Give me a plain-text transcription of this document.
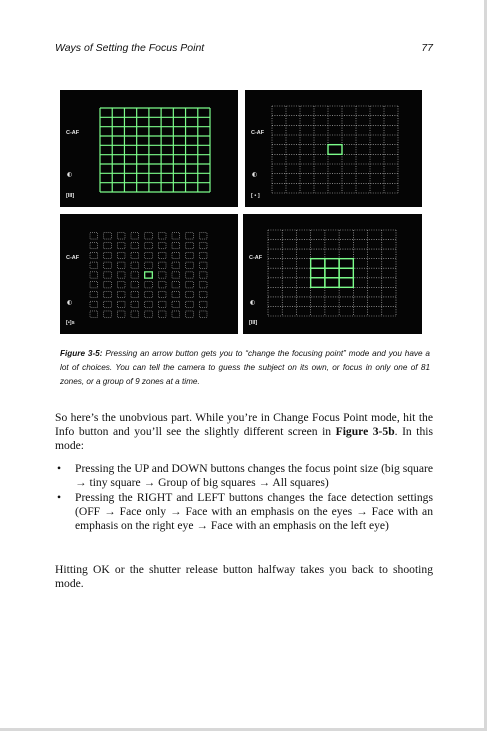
Ways of Setting the Focus Point	77
C-AF
◐
[III]
C-AF
◐
[ • ]
C-AF
◐
[•]s
C-AF
◐
[III]
Figure 3-5: Pressing an arrow button gets you to “change the focusing point” mode and you have a lot of choices. You can tell the camera to guess the subject on its own, or focus in only one of 81 zones, or a group of 9 zones at a time.
So here’s the unobvious part. While you’re in Change Focus Point mode, hit the Info button and you’ll see the slightly different screen in Figure 3-5b. In this mode:
• Pressing the UP and DOWN buttons changes the focus point size (big square → tiny square → Group of big squares → All squares)
• Pressing the RIGHT and LEFT buttons changes the face detection settings (OFF → Face only → Face with an emphasis on the eyes → Face with an emphasis on the right eye → Face with an emphasis on the left eye)
Hitting OK or the shutter release button halfway takes you back to shooting mode.
